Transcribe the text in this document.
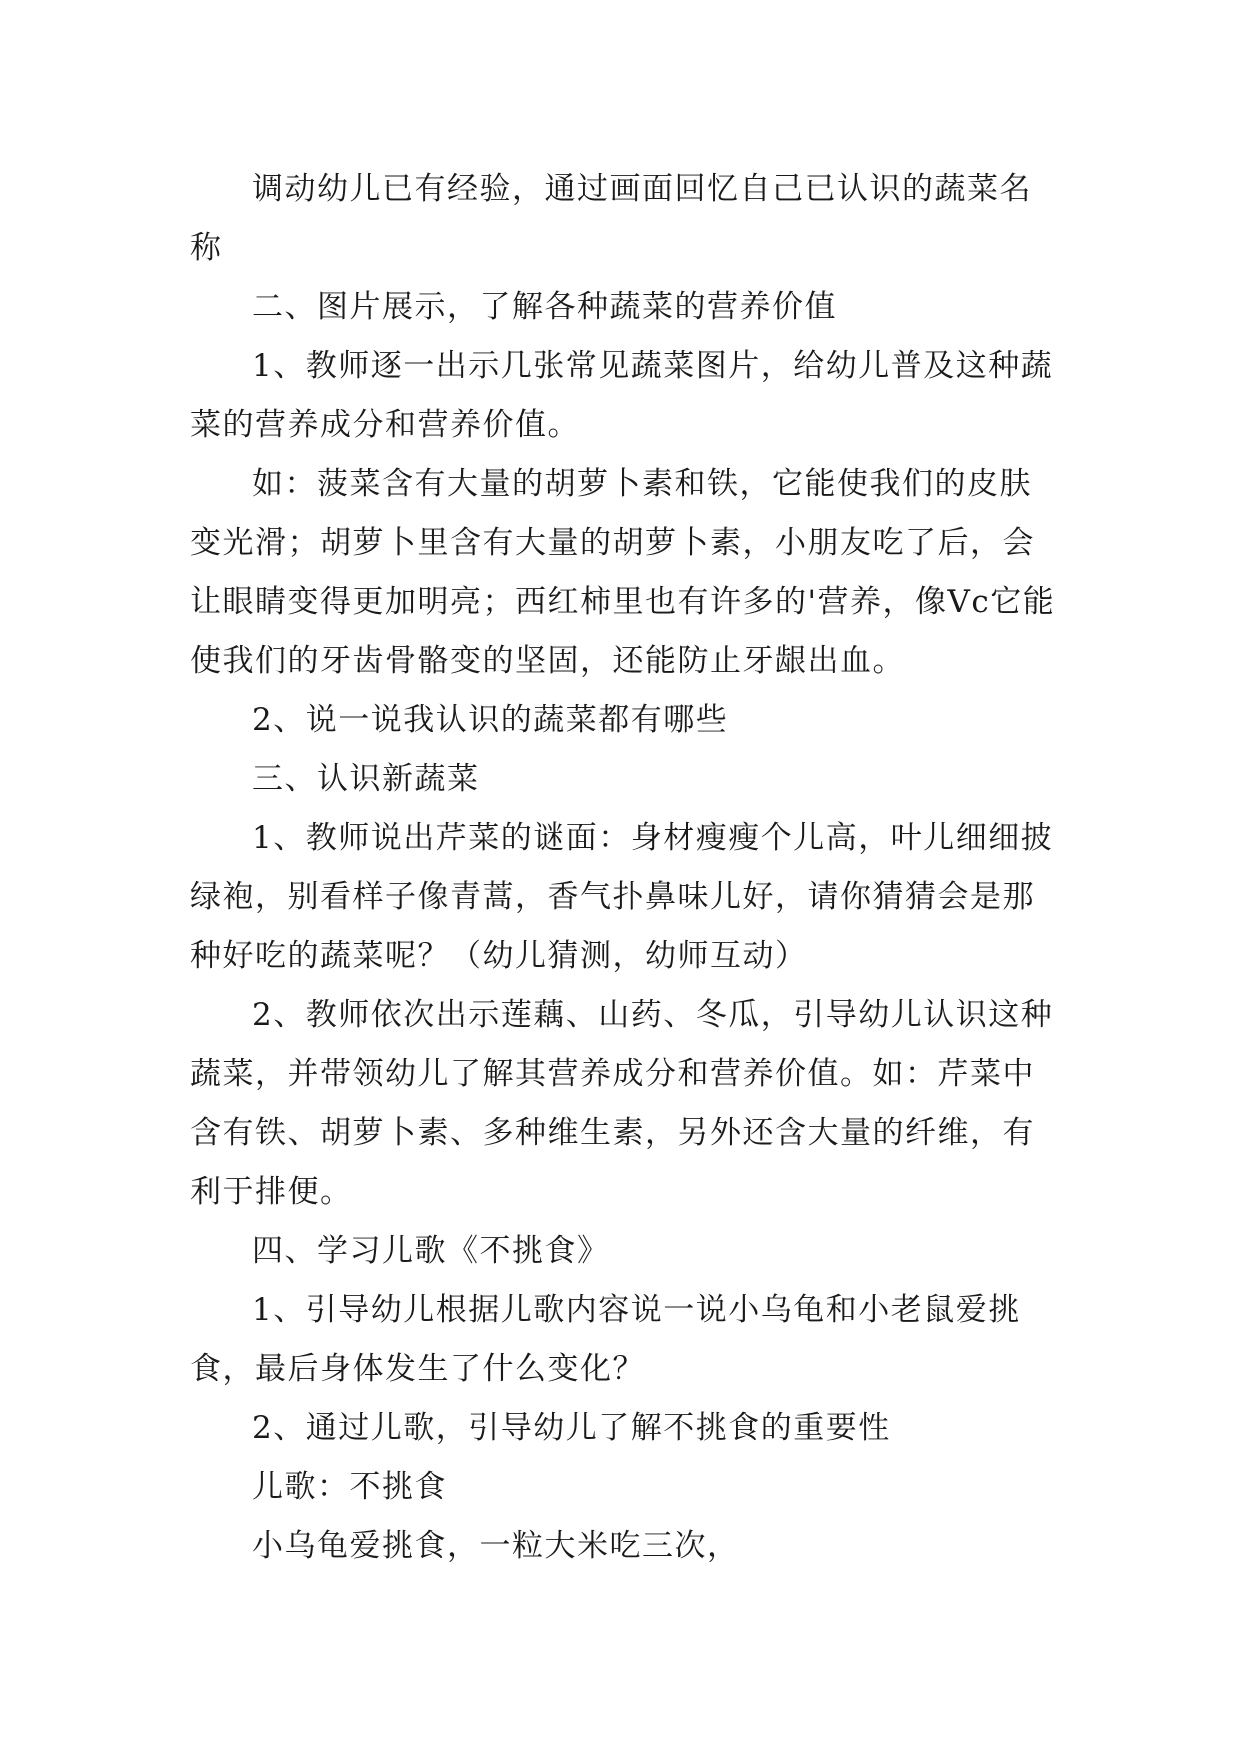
调动幼儿已有经验，通过画面回忆自己已认识的蔬菜名称

二、图片展示，了解各种蔬菜的营养价值

1、教师逐一出示几张常见蔬菜图片，给幼儿普及这种蔬菜的营养成分和营养价值。

如：菠菜含有大量的胡萝卜素和铁，它能使我们的皮肤变光滑；胡萝卜里含有大量的胡萝卜素，小朋友吃了后，会让眼睛变得更加明亮；西红柿里也有许多的'营养，像Vc它能使我们的牙齿骨骼变的坚固，还能防止牙龈出血。

2、说一说我认识的蔬菜都有哪些

三、认识新蔬菜

1、教师说出芹菜的谜面：身材瘦瘦个儿高，叶儿细细披绿袍，别看样子像青蒿，香气扑鼻味儿好，请你猜猜会是那种好吃的蔬菜呢？（幼儿猜测，幼师互动）

2、教师依次出示莲藕、山药、冬瓜，引导幼儿认识这种蔬菜，并带领幼儿了解其营养成分和营养价值。如：芹菜中含有铁、胡萝卜素、多种维生素，另外还含大量的纤维，有利于排便。

四、学习儿歌《不挑食》

1、引导幼儿根据儿歌内容说一说小乌龟和小老鼠爱挑食，最后身体发生了什么变化？

2、通过儿歌，引导幼儿了解不挑食的重要性

儿歌：不挑食

小乌龟爱挑食，一粒大米吃三次，
